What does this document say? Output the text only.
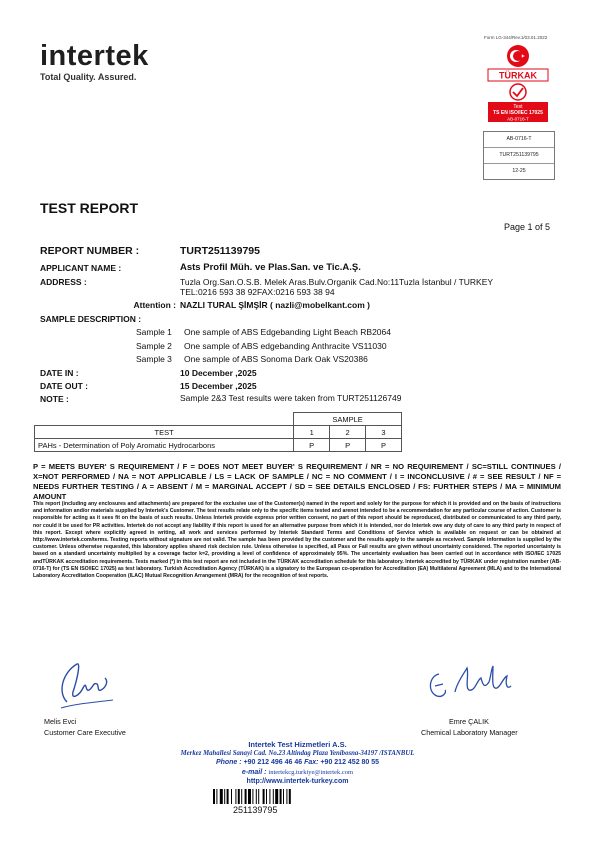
intertek
Total Quality. Assured.
Form LG-344/Rev.1/03.01.2022
TÜRKAK
Test
TS EN ISO/IEC 17025
AB-0716-T
AB-0716-T
TURT251139795
12-25
TEST REPORT
Page 1 of 5
REPORT NUMBER :	TURT251139795
APPLICANT NAME :	Asts Profil Müh. ve Plas.San. ve Tic.A.Ş.
ADDRESS :	Tuzla Org.San.O.S.B. Melek Aras.Bulv.Organik Cad.No:11Tuzla İstanbul / TURKEY
TEL:0216 593 38 92FAX:0216 593 38 94
Attention : NAZLI TURAL ŞİMŞİR ( nazli@mobelkant.com )
SAMPLE DESCRIPTION :
Sample 1 One sample of ABS Edgebanding Light Beach RB2064
Sample 2 One sample of ABS edgebanding Anthracite VS11030
Sample 3 One sample of ABS Sonoma Dark Oak VS20386
DATE IN :	10 December ,2025
DATE OUT :	15 December ,2025
NOTE :	Sample 2&3 Test results were taken from TURT251126749
	SAMPLE		
TEST	1	2	3
PAHs - Determination of Poly Aromatic Hydrocarbons	P	P	P
P = MEETS BUYER' S REQUIREMENT / F = DOES NOT MEET BUYER' S REQUIREMENT / NR = NO REQUIREMENT / SC=STILL CONTINUES / X=NOT PERFORMED / NA = NOT APPLICABLE / LS = LACK OF SAMPLE / NC = NO COMMENT / I = INCONCLUSIVE / # = SEE RESULT / NF = NEEDS FURTHER TESTING / A = ABSENT / M = MARGINAL ACCEPT / SD = SEE DETAILS ENCLOSED / FS: FURTHER STEPS / MA = MINIMUM AMOUNT
This report (including any enclosures and attachments) are prepared for the exclusive use of the Customer(s) named in the report and solely for the purpose for which it is provided and on the basis of instructions and information and/or materials supplied by Intertek's Customer. The test results relate only to the specific items tested and arenot intended to be a recommendation for any particular course of action. Customer is responsible for acting as it sees fit on the basis of such results. Unless Intertek provide express prior written consent, no part of this report should be reproduced, distributed or communicated to any third party, nor could it be used for PR activities. Intertek do not accept any liability if this report is used for an alternative purpose from which it is intended, nor do Intertek owe any duty of care to any third party in respect of this report. Except where explicitly agreed in writing, all work and services performed by Intertek Standard Terms and Conditions of Service which is available on request or can be obtained at http://www.intertek.com/terms. Testing reports without signature are not valid. The sample has been provided by the customer and the results apply to the sample as received. Sample information is supplied by the customer. Unless otherwise requested, this laboratory applies shared risk decision rule. Unless otherwise is specified, all Pass or Fail results are given without uncertainty considered. The reported uncertainty is based on a standard uncertainty multiplied by a coverage factor k=2, providing a level of confidence of approximately 95%. The uncertainty evaluation has been carried out in accordance with ISO/IEC 17025 andTÜRKAK accreditation requirements. Tests marked (*) in this test report are not included in the TÜRKAK accreditation schedule for this laboratory. Intertek accredited by TÜRKAK under registration number (AB-0716-T) for (TS EN ISO/IEC 17025) as test laboratory. Turkish Accreditation Agency (TÜRKAK) is a signatory to the European co-operation for Accreditation (EA) Multilateral Agreement (MLA) and to the International Laboratory Accreditation Cooperation (ILAC) Mutual Recognition Arrangement (MRA) for the recognition of test reports.
Melis Evci
Customer Care Executive
Emre ÇALIK
Chemical Laboratory Manager
Intertek Test Hizmetleri A.S.
Merkez Mahallesi Sanayi Cad. No.23 Altindag Plaza Yenibosna-34197 /ISTANBUL
Phone : +90 212 496 46 46 Fax: +90 212 452 80 55
e-mail : intertekcg.turkiye@intertek.com
http://www.intertek-turkey.com
251139795
